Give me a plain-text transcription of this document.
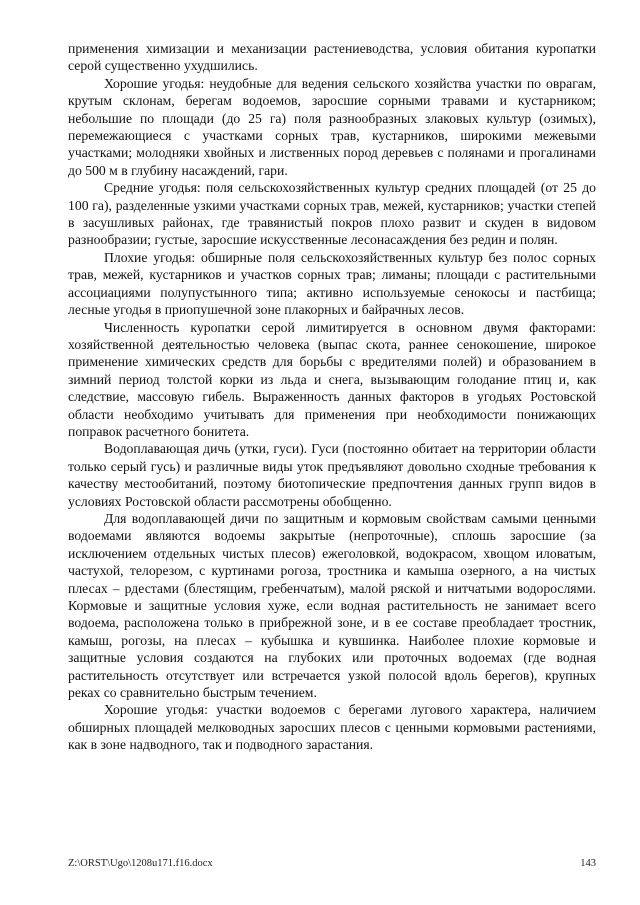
применения химизации и механизации растениеводства, условия обитания куропатки серой существенно ухудшились.

Хорошие угодья: неудобные для ведения сельского хозяйства участки по оврагам, крутым склонам, берегам водоемов, заросшие сорными травами и кустарником; небольшие по площади (до 25 га) поля разнообразных злаковых культур (озимых), перемежающиеся с участками сорных трав, кустарников, широкими межевыми участками; молодняки хвойных и лиственных пород деревьев с полянами и прогалинами до 500 м в глубину насаждений, гари.

Средние угодья: поля сельскохозяйственных культур средних площадей (от 25 до 100 га), разделенные узкими участками сорных трав, межей, кустарников; участки степей в засушливых районах, где травянистый покров плохо развит и скуден в видовом разнообразии; густые, заросшие искусственные лесонасаждения без редин и полян.

Плохие угодья: обширные поля сельскохозяйственных культур без полос сорных трав, межей, кустарников и участков сорных трав; лиманы; площади с растительными ассоциациями полупустынного типа; активно используемые сенокосы и пастбища; лесные угодья в приопушечной зоне плакорных и байрачных лесов.

Численность куропатки серой лимитируется в основном двумя факторами: хозяйственной деятельностью человека (выпас скота, раннее сенокошение, широкое применение химических средств для борьбы с вредителями полей) и образованием в зимний период толстой корки из льда и снега, вызывающим голодание птиц и, как следствие, массовую гибель. Выраженность данных факторов в угодьях Ростовской области необходимо учитывать для применения при необходимости понижающих поправок расчетного бонитета.

Водоплавающая дичь (утки, гуси). Гуси (постоянно обитает на территории области только серый гусь) и различные виды уток предъявляют довольно сходные требования к качеству местообитаний, поэтому биотопические предпочтения данных групп видов в условиях Ростовской области рассмотрены обобщенно.

Для водоплавающей дичи по защитным и кормовым свойствам самыми ценными водоемами являются водоемы закрытые (непроточные), сплошь заросшие (за исключением отдельных чистых плесов) ежеголовкой, водокрасом, хвощом иловатым, частухой, телорезом, с куртинами рогоза, тростника и камыша озерного, а на чистых плесах – рдестами (блестящим, гребенчатым), малой ряской и нитчатыми водорослями. Кормовые и защитные условия хуже, если водная растительность не занимает всего водоема, расположена только в прибрежной зоне, и в ее составе преобладает тростник, камыш, рогозы, на плесах – кубышка и кувшинка. Наиболее плохие кормовые и защитные условия создаются на глубоких или проточных водоемах (где водная растительность отсутствует или встречается узкой полосой вдоль берегов), крупных реках со сравнительно быстрым течением.

Хорошие угодья: участки водоемов с берегами лугового характера, наличием обширных площадей мелководных заросших плесов с ценными кормовыми растениями, как в зоне надводного, так и подводного зарастания.

Z:\ORST\Ugo\1208u171.f16.docx	143
